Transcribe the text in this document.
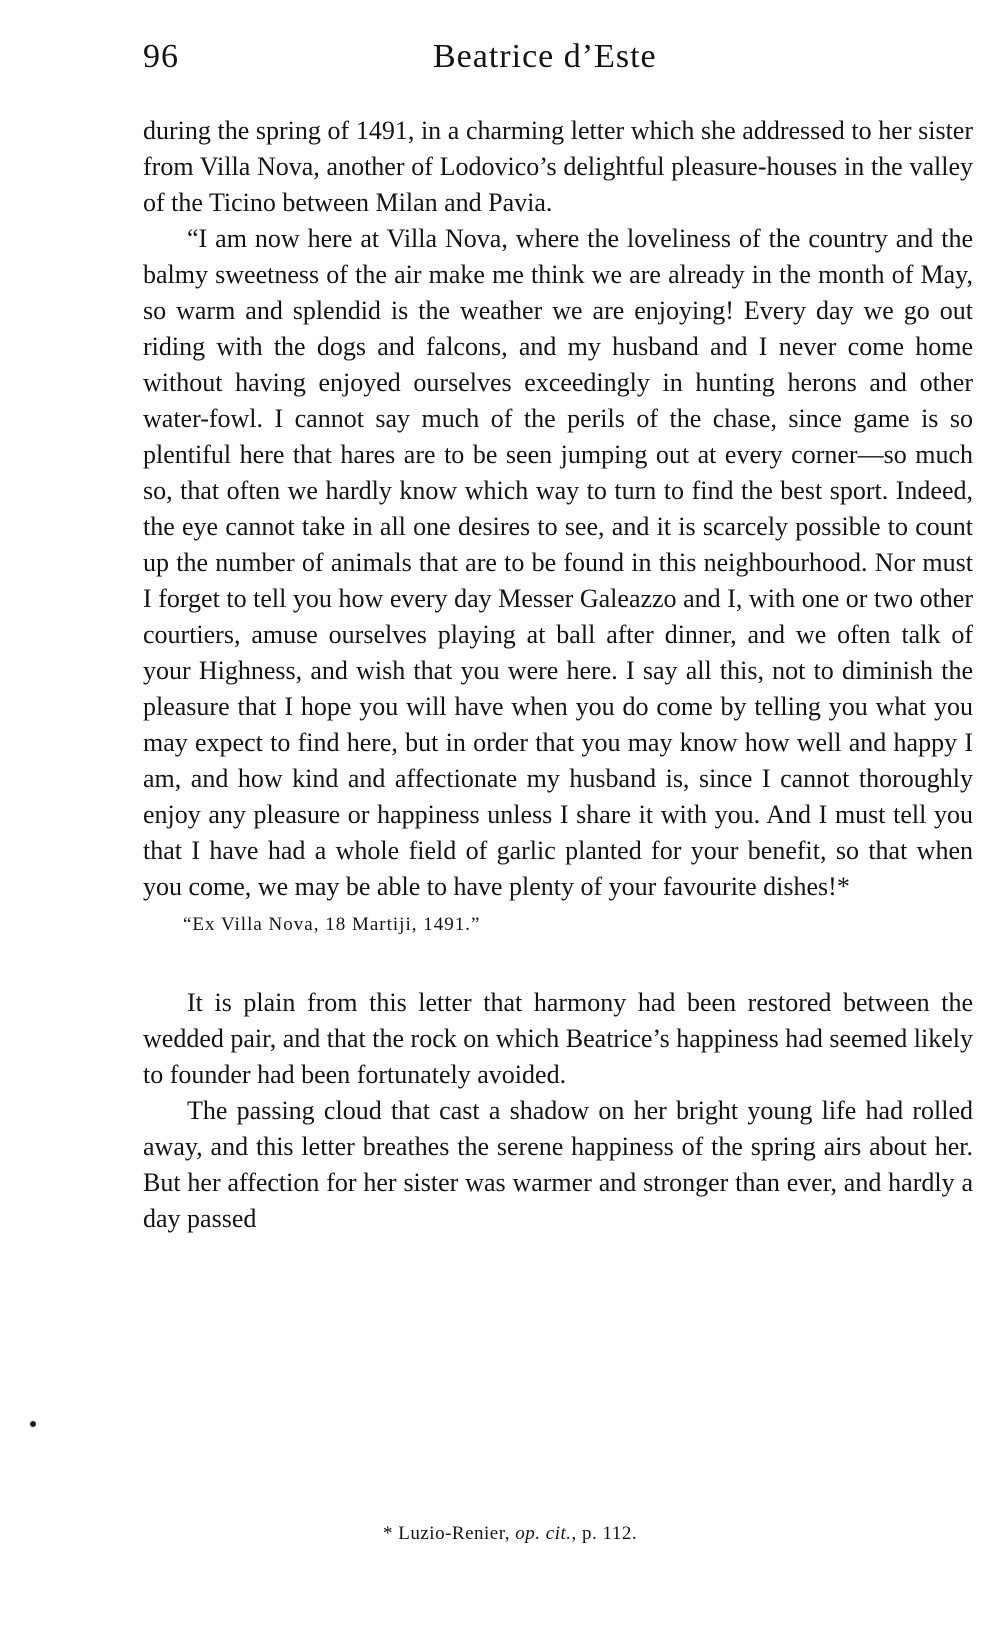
96	Beatrice d’Este

during the spring of 1491, in a charming letter which she addressed to her sister from Villa Nova, another of Lodovico’s delightful pleasure-houses in the valley of the Ticino between Milan and Pavia.

“I am now here at Villa Nova, where the loveliness of the country and the balmy sweetness of the air make me think we are already in the month of May, so warm and splendid is the weather we are enjoying! Every day we go out riding with the dogs and falcons, and my husband and I never come home without having enjoyed ourselves exceedingly in hunting herons and other water-fowl. I cannot say much of the perils of the chase, since game is so plentiful here that hares are to be seen jumping out at every corner—so much so, that often we hardly know which way to turn to find the best sport. Indeed, the eye cannot take in all one desires to see, and it is scarcely possible to count up the number of animals that are to be found in this neighbourhood. Nor must I forget to tell you how every day Messer Galeazzo and I, with one or two other courtiers, amuse ourselves playing at ball after dinner, and we often talk of your Highness, and wish that you were here. I say all this, not to diminish the pleasure that I hope you will have when you do come by telling you what you may expect to find here, but in order that you may know how well and happy I am, and how kind and affectionate my husband is, since I cannot thoroughly enjoy any pleasure or happiness unless I share it with you. And I must tell you that I have had a whole field of garlic planted for your benefit, so that when you come, we may be able to have plenty of your favourite dishes!*

“Ex Villa Nova, 18 Martiji, 1491.”

It is plain from this letter that harmony had been restored between the wedded pair, and that the rock on which Beatrice’s happiness had seemed likely to founder had been fortunately avoided.

The passing cloud that cast a shadow on her bright young life had rolled away, and this letter breathes the serene happiness of the spring airs about her. But her affection for her sister was warmer and stronger than ever, and hardly a day passed

* Luzio-Renier, op. cit., p. 112.
